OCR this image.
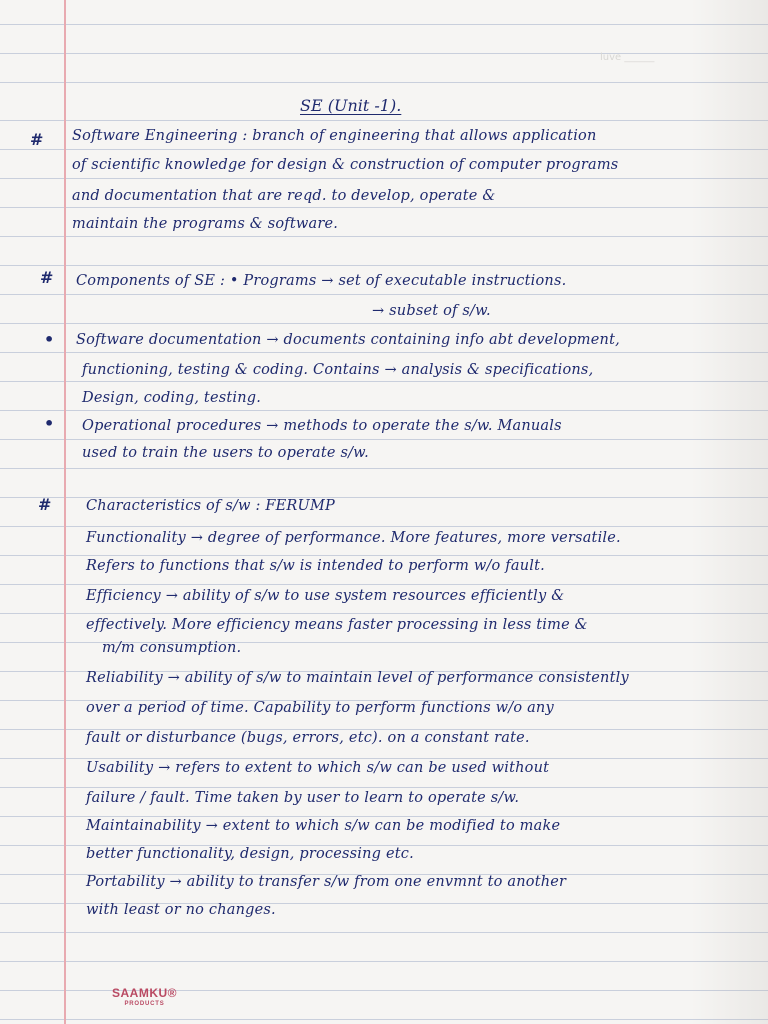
luve ______

SE (Unit -1).

#

#

•

•

#

Software Engineering : branch of engineering that allows application

of scientific knowledge for design & construction of computer programs

and documentation that are reqd. to develop, operate &

maintain the programs & software.

Components of SE : • Programs → set of executable instructions.

→ subset of s/w.

Software documentation → documents containing info abt development,

functioning, testing & coding. Contains → analysis & specifications,

Design, coding, testing.

Operational procedures → methods to operate the s/w. Manuals

used to train the users to operate s/w.

Characteristics of s/w : FERUMP

Functionality → degree of performance. More features, more versatile.

Refers to functions that s/w is intended to perform w/o fault.

Efficiency → ability of s/w to use system resources efficiently &

effectively. More efficiency means faster processing in less time &

m/m consumption.

Reliability → ability of s/w to maintain level of performance consistently

over a period of time. Capability to perform functions w/o any

fault or disturbance (bugs, errors, etc). on a constant rate.

Usability → refers to extent to which s/w can be used without

failure / fault. Time taken by user to learn to operate s/w.

Maintainability → extent to which s/w can be modified to make

better functionality, design, processing etc.

Portability → ability to transfer s/w from one envmnt to another

with least or no changes.

SAAMKU®
PRODUCTS
